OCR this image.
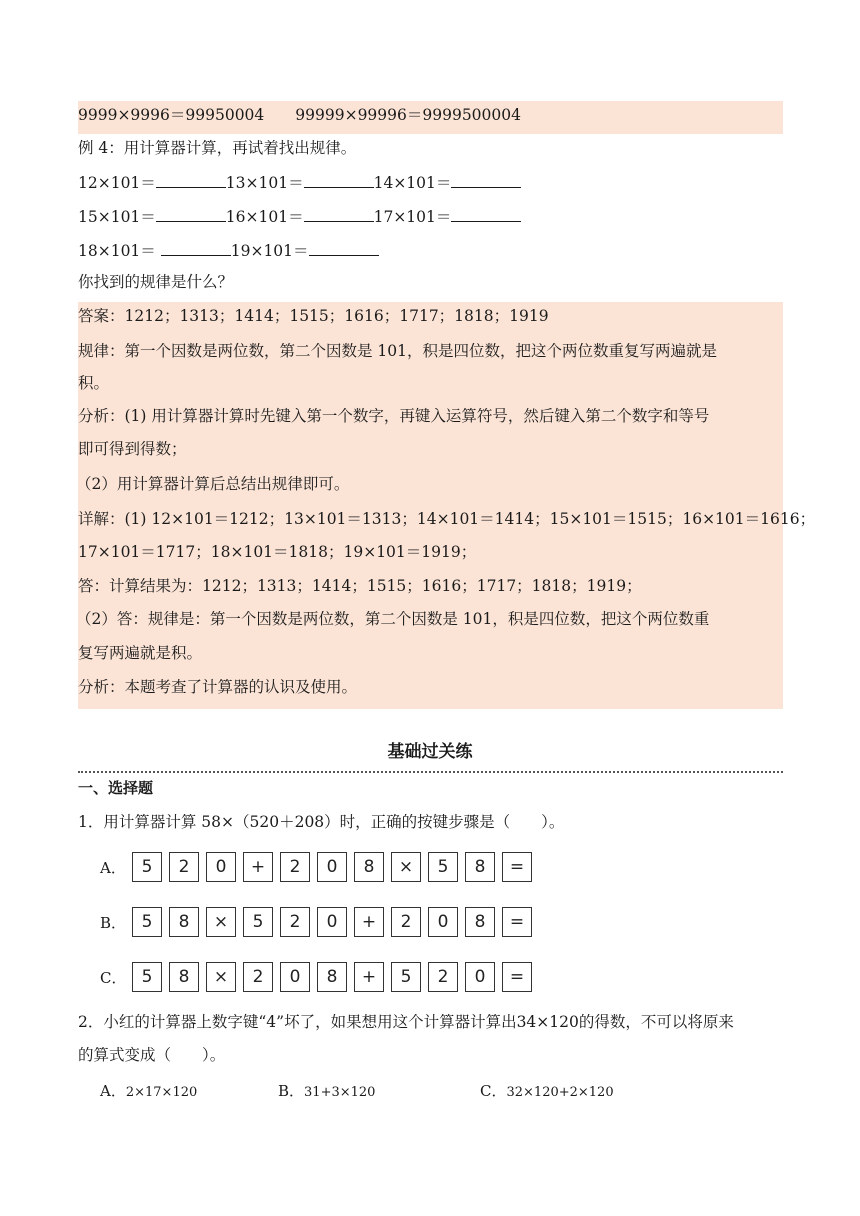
9999×9996＝99950004　　99999×99996＝9999500004
例 4：用计算器计算，再试着找出规律。
12×101＝	13×101＝	14×101＝
15×101＝	16×101＝	17×101＝
18×101＝	19×101＝
你找到的规律是什么？
答案：1212；1313；1414；1515；1616；1717；1818；1919
规律：第一个因数是两位数，第二个因数是 101，积是四位数，把这个两位数重复写两遍就是
积。
分析：(1) 用计算器计算时先键入第一个数字，再键入运算符号，然后键入第二个数字和等号
即可得到得数；
（2）用计算器计算后总结出规律即可。
详解：(1) 12×101＝1212；13×101＝1313；14×101＝1414；15×101＝1515；16×101＝1616；
17×101＝1717；18×101＝1818；19×101＝1919；
答：计算结果为：1212；1313；1414；1515；1616；1717；1818；1919；
（2）答：规律是：第一个因数是两位数，第二个因数是 101，积是四位数，把这个两位数重
复写两遍就是积。
分析：本题考查了计算器的认识及使用。
基础过关练
一、选择题
1．用计算器计算 58×（520＋208）时，正确的按键步骤是（　　）。
A． 5	2	0	+	2	0	8	×	5	8	=
B． 5	8	×	5	2	0	+	2	0	8	=
C． 5	8	×	2	0	8	+	5	2	0	=
2．小红的计算器上数字键“4”坏了，如果想用这个计算器计算出34×120的得数，不可以将原来
的算式变成（　　）。
A．2×17×120	B．31+3×120	C．32×120+2×120
